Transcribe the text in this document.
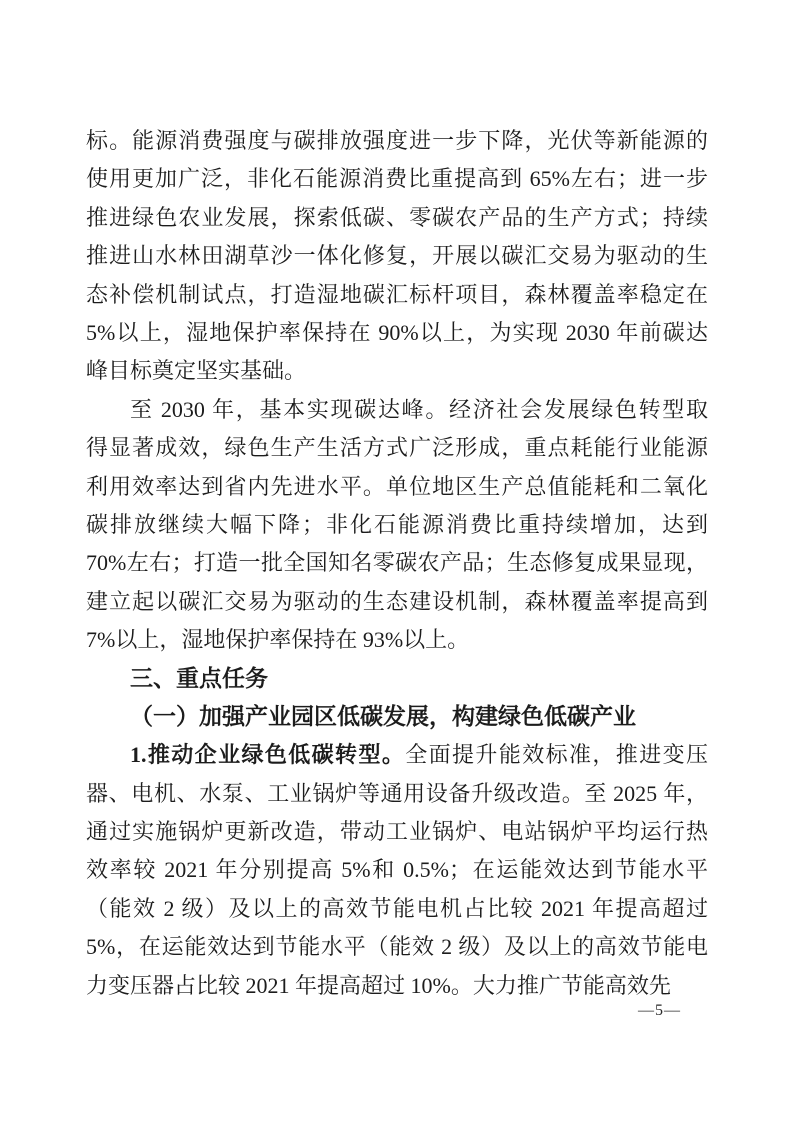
标。能源消费强度与碳排放强度进一步下降，光伏等新能源的
使用更加广泛，非化石能源消费比重提高到 65%左右；进一步
推进绿色农业发展，探索低碳、零碳农产品的生产方式；持续
推进山水林田湖草沙一体化修复，开展以碳汇交易为驱动的生
态补偿机制试点，打造湿地碳汇标杆项目，森林覆盖率稳定在
5%以上，湿地保护率保持在 90%以上，为实现 2030 年前碳达
峰目标奠定坚实基础。
至 2030 年，基本实现碳达峰。经济社会发展绿色转型取
得显著成效，绿色生产生活方式广泛形成，重点耗能行业能源
利用效率达到省内先进水平。单位地区生产总值能耗和二氧化
碳排放继续大幅下降；非化石能源消费比重持续增加，达到
70%左右；打造一批全国知名零碳农产品；生态修复成果显现，
建立起以碳汇交易为驱动的生态建设机制，森林覆盖率提高到
7%以上，湿地保护率保持在 93%以上。
三、重点任务
（一）加强产业园区低碳发展，构建绿色低碳产业
1.推动企业绿色低碳转型。全面提升能效标准，推进变压
器、电机、水泵、工业锅炉等通用设备升级改造。至 2025 年，
通过实施锅炉更新改造，带动工业锅炉、电站锅炉平均运行热
效率较 2021 年分别提高 5%和 0.5%；在运能效达到节能水平
（能效 2 级）及以上的高效节能电机占比较 2021 年提高超过
5%，在运能效达到节能水平（能效 2 级）及以上的高效节能电
力变压器占比较 2021 年提高超过 10%。大力推广节能高效先
—5—
